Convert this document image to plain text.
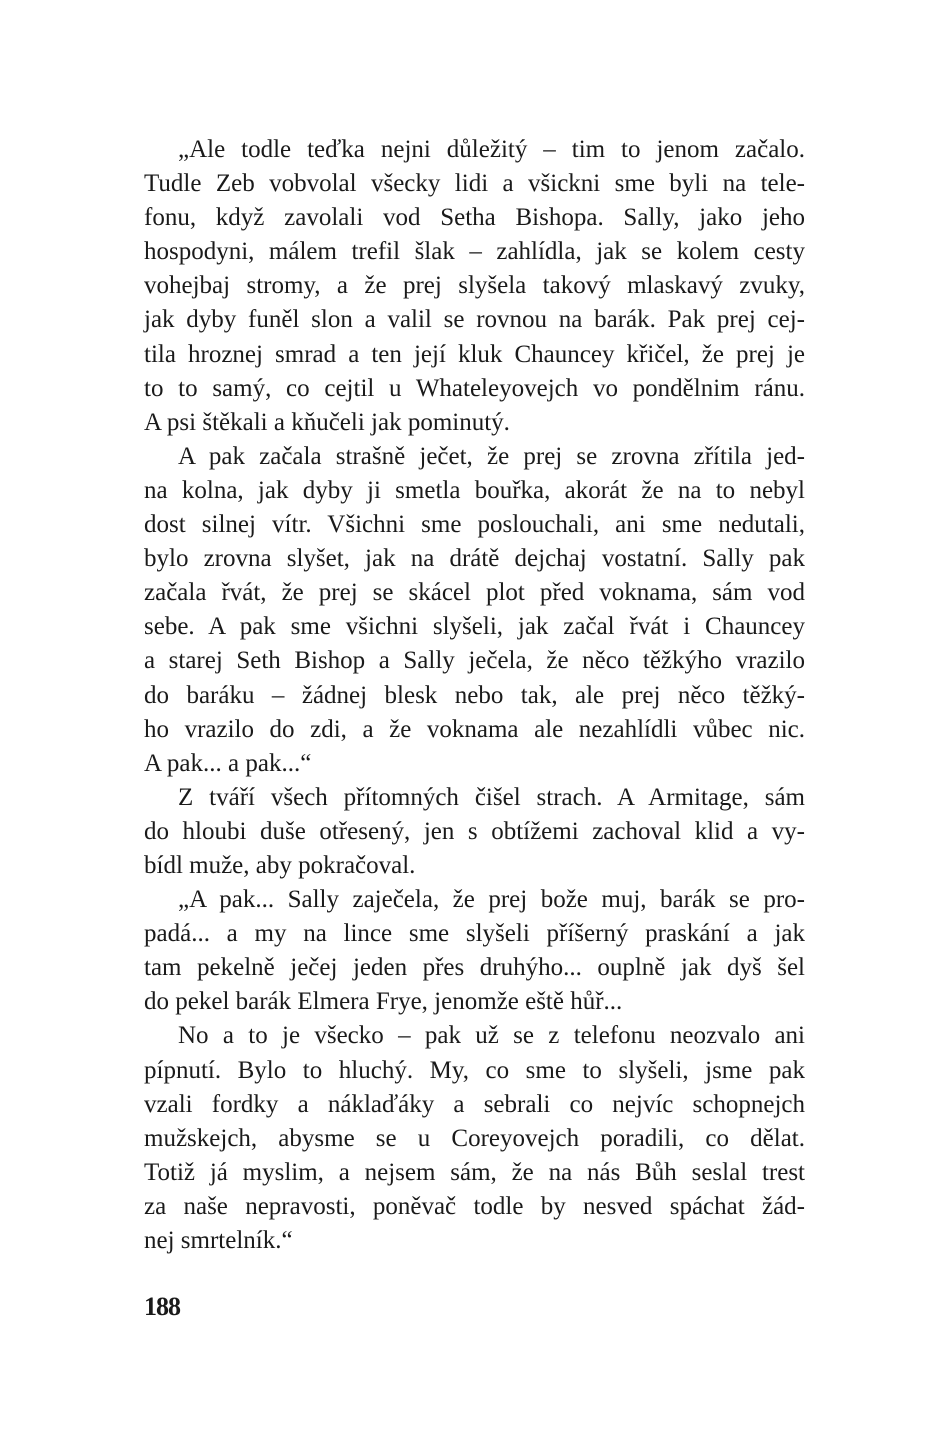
„Ale todle teďka nejni důležitý – tim to jenom začalo.
Tudle Zeb vobvolal všecky lidi a všickni sme byli na tele-
fonu, když zavolali vod Setha Bishopa. Sally, jako jeho
hospodyni, málem trefil šlak – zahlídla, jak se kolem cesty
vohejbaj stromy, a že prej slyšela takový mlaskavý zvuky,
jak dyby funěl slon a valil se rovnou na barák. Pak prej cej-
tila hroznej smrad a ten její kluk Chauncey křičel, že prej je
to to samý, co cejtil u Whateleyovejch vo pondělnim ránu.
A psi štěkali a kňučeli jak pominutý.
A pak začala strašně ječet, že prej se zrovna zřítila jed-
na kolna, jak dyby ji smetla bouřka, akorát že na to nebyl
dost silnej vítr. Všichni sme poslouchali, ani sme nedutali,
bylo zrovna slyšet, jak na drátě dejchaj vostatní. Sally pak
začala řvát, že prej se skácel plot před voknama, sám vod
sebe. A pak sme všichni slyšeli, jak začal řvát i Chauncey
a starej Seth Bishop a Sally ječela, že něco těžkýho vrazilo
do baráku – žádnej blesk nebo tak, ale prej něco těžký-
ho vrazilo do zdi, a že voknama ale nezahlídli vůbec nic.
A pak... a pak...“
Z tváří všech přítomných čišel strach. A Armitage, sám
do hloubi duše otřesený, jen s obtížemi zachoval klid a vy-
bídl muže, aby pokračoval.
„A pak... Sally zaječela, že prej bože muj, barák se pro-
padá... a my na lince sme slyšeli příšerný praskání a jak
tam pekelně ječej jeden přes druhýho... ouplně jak dyš šel
do pekel barák Elmera Frye, jenomže eště hůř...
No a to je všecko – pak už se z telefonu neozvalo ani
pípnutí. Bylo to hluchý. My, co sme to slyšeli, jsme pak
vzali fordky a náklaďáky a sebrali co nejvíc schopnejch
mužskejch, abysme se u Coreyovejch poradili, co dělat.
Totiž já myslim, a nejsem sám, že na nás Bůh seslal trest
za naše nepravosti, poněvač todle by nesved spáchat žád-
nej smrtelník.“
188
